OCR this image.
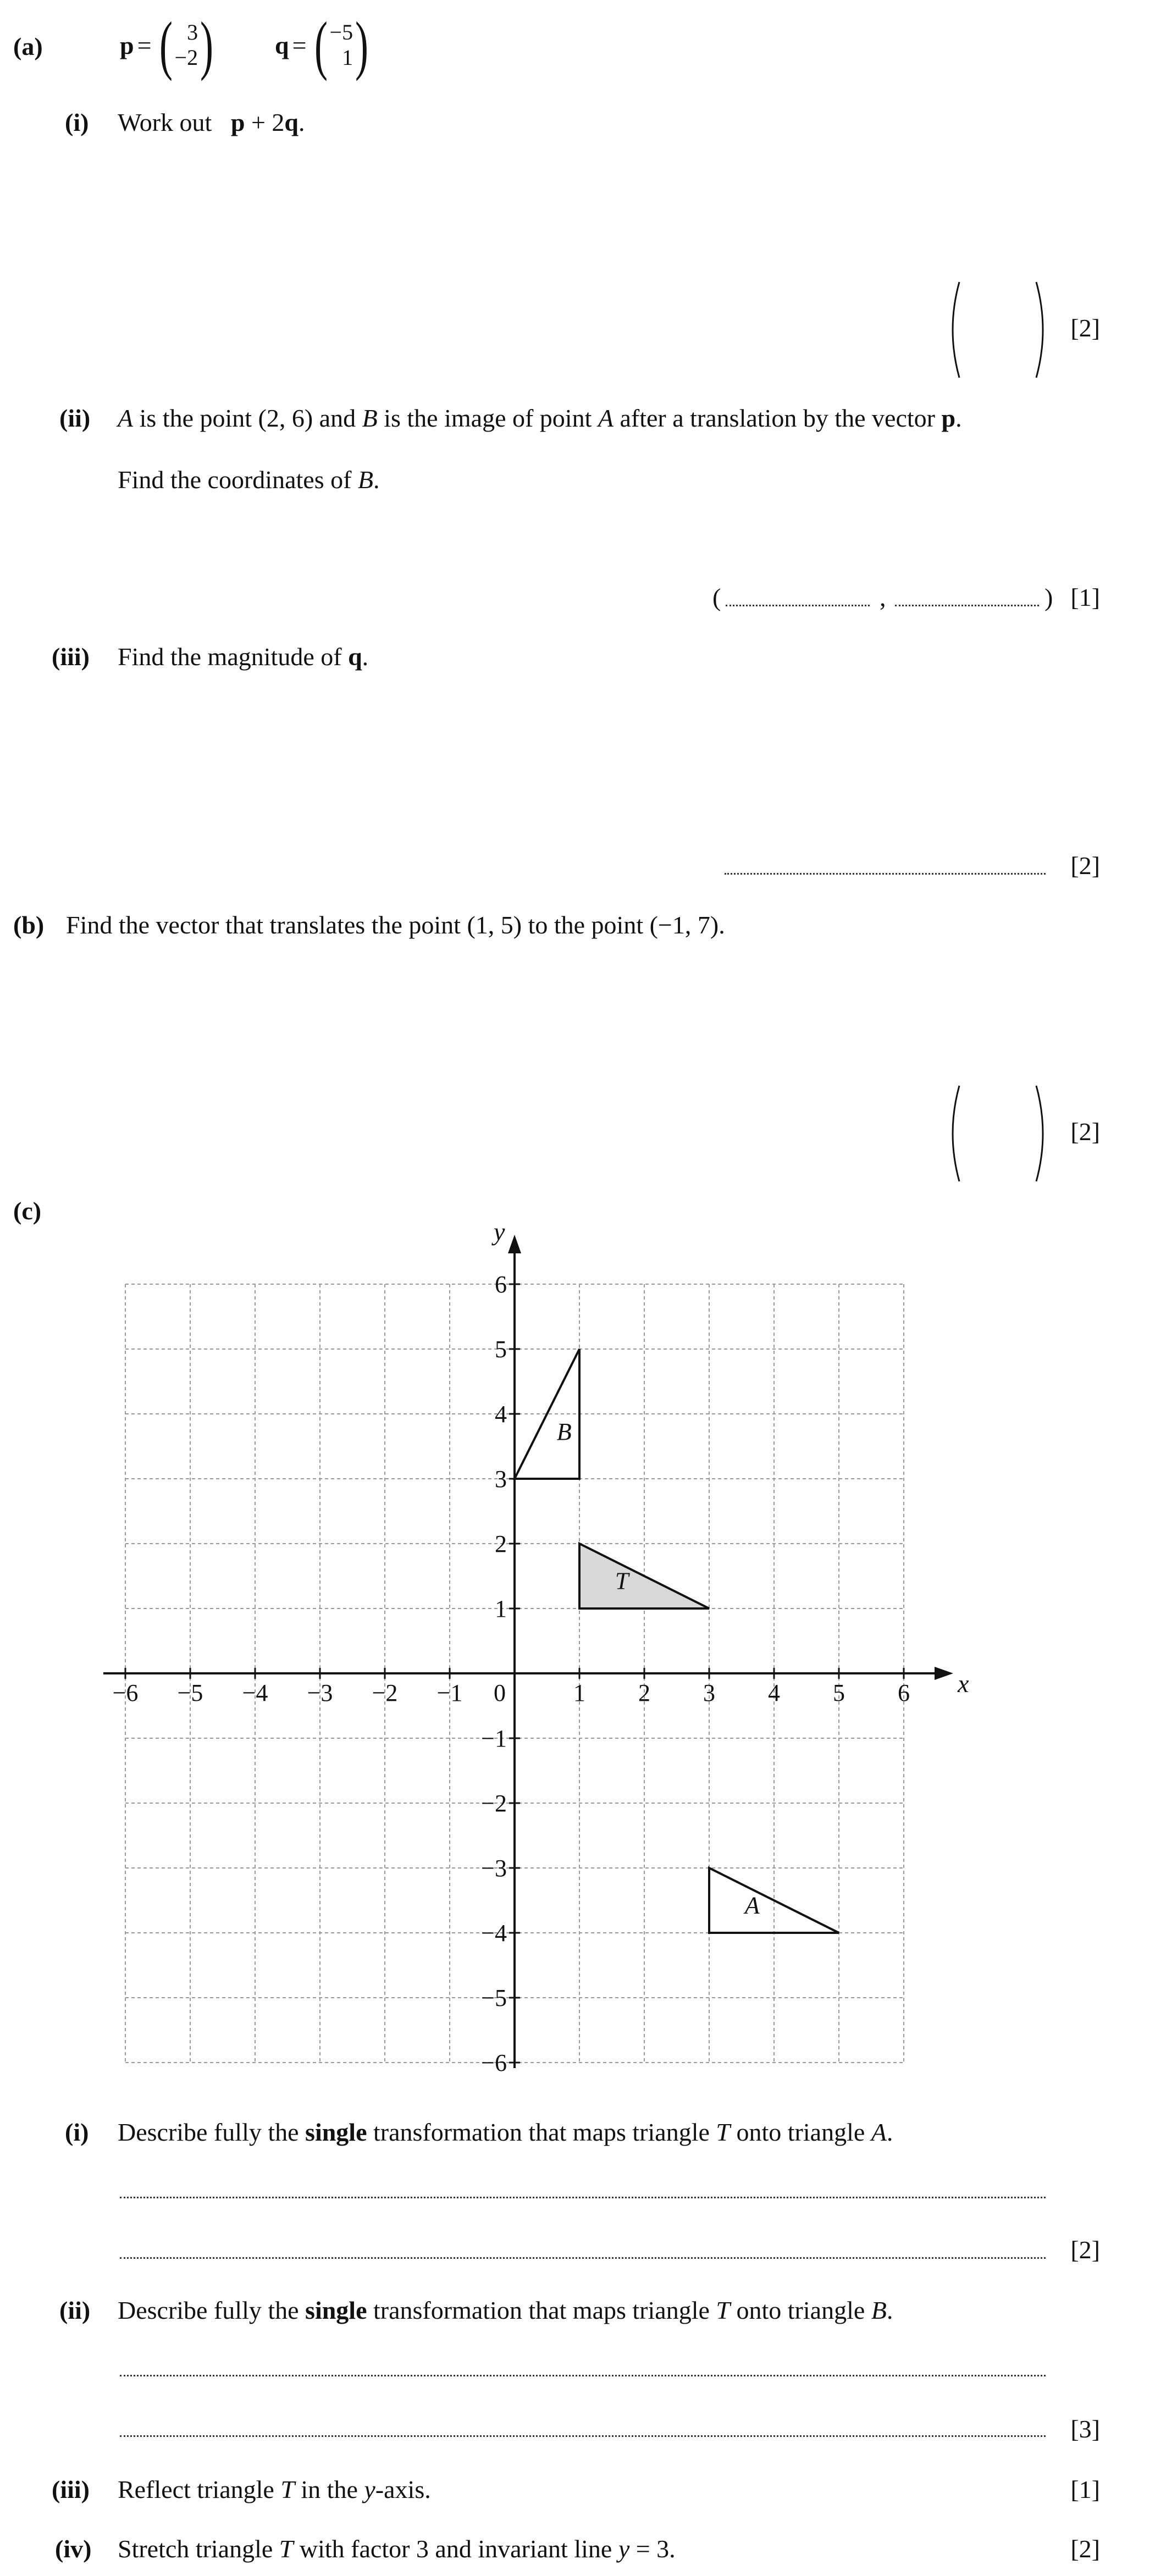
(a)	p = ( 3
−2 ) q = ( −5
1 )
(i) Work out p + 2q.
[2]
(ii) A is the point (2, 6) and B is the image of point A after a translation by the vector p.
Find the coordinates of B.
(	,	) [1]
(iii) Find the magnitude of q.
[2]
(b) Find the vector that translates the point (1, 5) to the point (−1, 7).
[2]
(c)
−6 −5 −4 −3 −2 −1	1 2 3 4 5 6
6
5
4
3
2
1
−1
−2
−3
−4
−5
−6
0	x
y
B
T
A
(i) Describe fully the single transformation that maps triangle T onto triangle A.
[2]
(ii) Describe fully the single transformation that maps triangle T onto triangle B.
[3]
(iii) Reflect triangle T in the y-axis.	[1]
(iv) Stretch triangle T with factor 3 and invariant line y = 3.	[2]
